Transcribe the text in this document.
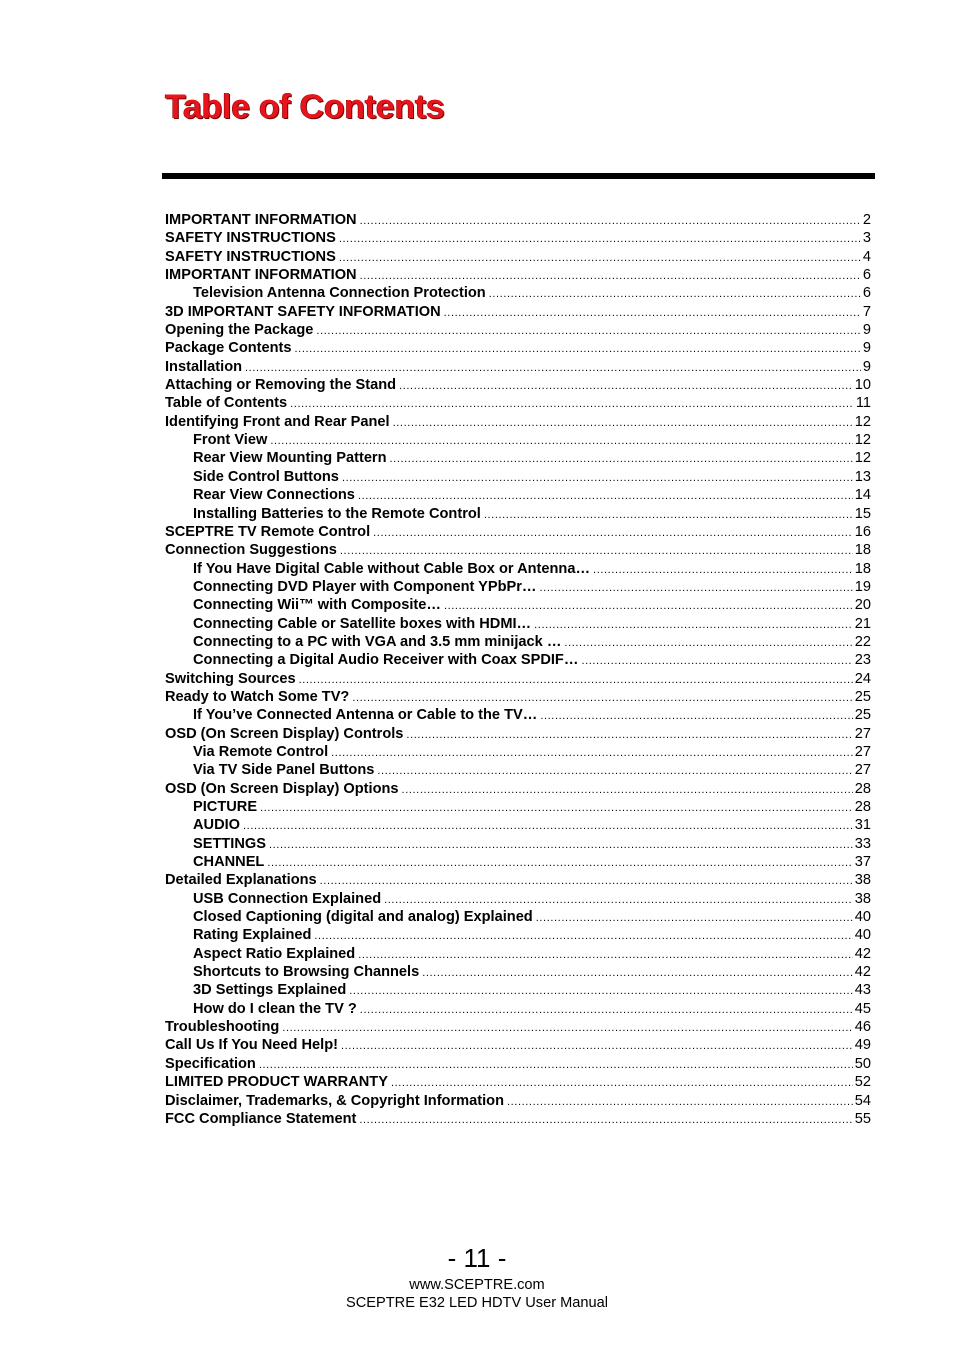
Table of Contents
IMPORTANT INFORMATION .....	2
SAFETY INSTRUCTIONS .....	3
SAFETY INSTRUCTIONS .....	4
IMPORTANT INFORMATION .....	6
Television Antenna Connection Protection .....	6
3D IMPORTANT SAFETY INFORMATION .....	7
Opening the Package .....	9
Package Contents .....	9
Installation .....	9
Attaching or Removing the Stand .....	10
Table of Contents .....	11
Identifying Front and Rear Panel .....	12
Front View .....	12
Rear View Mounting Pattern .....	12
Side Control Buttons .....	13
Rear View Connections .....	14
Installing Batteries to the Remote Control .....	15
SCEPTRE TV Remote Control .....	16
Connection Suggestions .....	18
If You Have Digital Cable without Cable Box or Antenna… .....	18
Connecting DVD Player with Component YPbPr… .....	19
Connecting Wii™ with Composite… .....	20
Connecting Cable or Satellite boxes with HDMI… .....	21
Connecting to a PC with VGA and 3.5 mm minijack … .....	22
Connecting a Digital Audio Receiver with Coax SPDIF… .....	23
Switching Sources .....	24
Ready to Watch Some TV? .....	25
If You’ve Connected Antenna or Cable to the TV… .....	25
OSD (On Screen Display) Controls .....	27
Via Remote Control .....	27
Via TV Side Panel Buttons .....	27
OSD (On Screen Display) Options .....	28
PICTURE .....	28
AUDIO .....	31
SETTINGS .....	33
CHANNEL .....	37
Detailed Explanations .....	38
USB Connection Explained .....	38
Closed Captioning (digital and analog) Explained .....	40
Rating Explained .....	40
Aspect Ratio Explained .....	42
Shortcuts to Browsing Channels .....	42
3D Settings Explained .....	43
How do I clean the TV ? .....	45
Troubleshooting .....	46
Call Us If You Need Help! .....	49
Specification .....	50
LIMITED PRODUCT WARRANTY .....	52
Disclaimer, Trademarks, & Copyright Information .....	54
FCC Compliance Statement .....	55
- 11 -
www.SCEPTRE.com
SCEPTRE E32 LED HDTV User Manual
